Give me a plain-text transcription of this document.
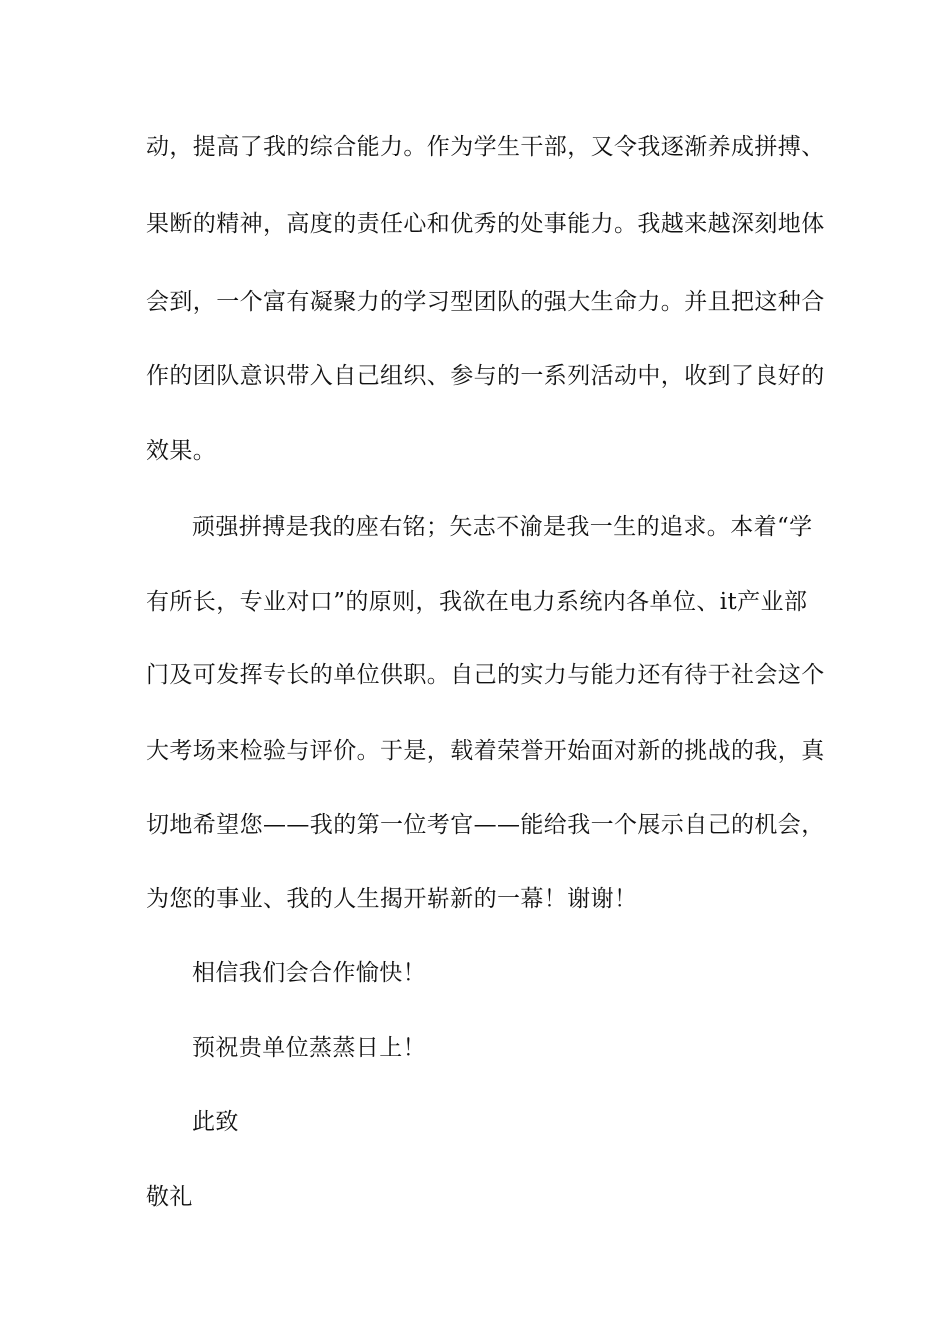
动，提高了我的综合能力。作为学生干部，又令我逐渐养成拼搏、
果断的精神，高度的责任心和优秀的处事能力。我越来越深刻地体
会到，一个富有凝聚力的学习型团队的强大生命力。并且把这种合
作的团队意识带入自己组织、参与的一系列活动中，收到了良好的
效果。
顽强拼搏是我的座右铭；矢志不渝是我一生的追求。本着“学
有所长，专业对口”的原则，我欲在电力系统内各单位、it产业部
门及可发挥专长的单位供职。自己的实力与能力还有待于社会这个
大考场来检验与评价。于是，载着荣誉开始面对新的挑战的我，真
切地希望您——我的第一位考官——能给我一个展示自己的机会，
为您的事业、我的人生揭开崭新的一幕！谢谢！
相信我们会合作愉快！
预祝贵单位蒸蒸日上！
此致
敬礼
